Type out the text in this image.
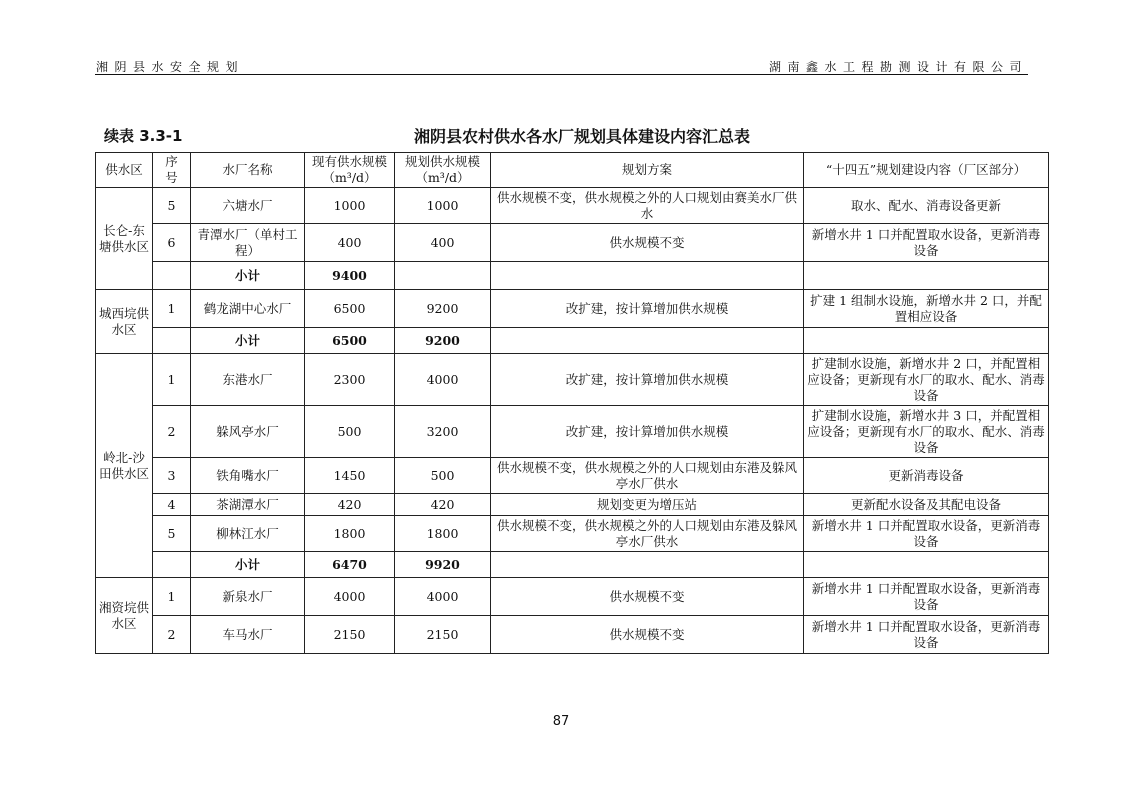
湘阴县水安全规划	湖南鑫水工程勘测设计有限公司
续表 3.3-1	湘阴县农村供水各水厂规划具体建设内容汇总表
供水区	序号	水厂名称	现有供水规模（m³/d）	规划供水规模（m³/d）	规划方案	“十四五”规划建设内容（厂区部分）
长仑-东塘供水区	5	六塘水厂	1000	1000	供水规模不变，供水规模之外的人口规划由赛美水厂供水	取水、配水、消毒设备更新
	6	青潭水厂（单村工程）	400	400	供水规模不变	新增水井 1 口并配置取水设备，更新消毒设备
		小计	9400			
城西垸供水区	1	鹤龙湖中心水厂	6500	9200	改扩建，按计算增加供水规模	扩建 1 组制水设施，新增水井 2 口，并配置相应设备
		小计	6500	9200		
岭北-沙田供水区	1	东港水厂	2300	4000	改扩建，按计算增加供水规模	扩建制水设施，新增水井 2 口，并配置相应设备；更新现有水厂的取水、配水、消毒设备
	2	躲风亭水厂	500	3200	改扩建，按计算增加供水规模	扩建制水设施，新增水井 3 口，并配置相应设备；更新现有水厂的取水、配水、消毒设备
	3	铁角嘴水厂	1450	500	供水规模不变，供水规模之外的人口规划由东港及躲风亭水厂供水	更新消毒设备
	4	茶湖潭水厂	420	420	规划变更为增压站	更新配水设备及其配电设备
	5	柳林江水厂	1800	1800	供水规模不变，供水规模之外的人口规划由东港及躲风亭水厂供水	新增水井 1 口并配置取水设备，更新消毒设备
		小计	6470	9920		
湘资垸供水区	1	新泉水厂	4000	4000	供水规模不变	新增水井 1 口并配置取水设备，更新消毒设备
	2	车马水厂	2150	2150	供水规模不变	新增水井 1 口并配置取水设备，更新消毒设备
87
